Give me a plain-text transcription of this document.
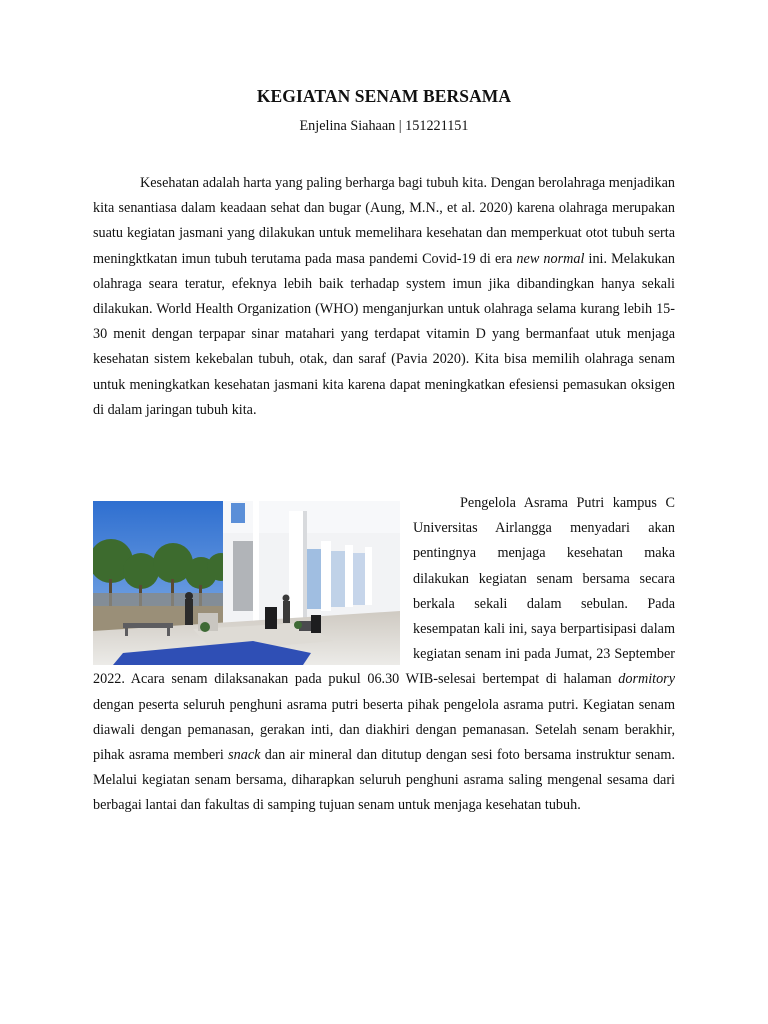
KEGIATAN SENAM BERSAMA
Enjelina Siahaan | 151221151

Kesehatan adalah harta yang paling berharga bagi tubuh kita. Dengan berolahraga menjadikan kita senantiasa dalam keadaan sehat dan bugar (Aung, M.N., et al. 2020) karena olahraga merupakan suatu kegiatan jasmani yang dilakukan untuk memelihara kesehatan dan memperkuat otot tubuh serta meningktkatan imun tubuh terutama pada masa pandemi Covid-19 di era new normal ini. Melakukan olahraga seara teratur, efeknya lebih baik terhadap system imun jika dibandingkan hanya sekali dilakukan. World Health Organization (WHO) menganjurkan untuk olahraga selama kurang lebih 15-30 menit dengan terpapar sinar matahari yang terdapat vitamin D yang bermanfaat utuk menjaga kesehatan sistem kekebalan tubuh, otak, dan saraf (Pavia 2020). Kita bisa memilih olahraga senam untuk meningkatkan kesehatan jasmani kita karena dapat meningkatkan efesiensi pemasukan oksigen di dalam jaringan tubuh kita.

Pengelola Asrama Putri kampus C Universitas Airlangga menyadari akan pentingnya menjaga kesehatan maka dilakukan kegiatan senam bersama secara berkala sekali dalam sebulan. Pada kesempatan kali ini, saya berpartisipasi dalam kegiatan senam ini pada Jumat, 23 September 2022. Acara senam dilaksanakan pada pukul 06.30 WIB-selesai bertempat di halaman dormitory dengan peserta seluruh penghuni asrama putri beserta pihak pengelola asrama putri. Kegiatan senam diawali dengan pemanasan, gerakan inti, dan diakhiri dengan pemanasan. Setelah senam berakhir, pihak asrama memberi snack dan air mineral dan ditutup dengan sesi foto bersama instruktur senam. Melalui kegiatan senam bersama, diharapkan seluruh penghuni asrama saling mengenal sesama dari berbagai lantai dan fakultas di samping tujuan senam untuk menjaga kesehatan tubuh.
